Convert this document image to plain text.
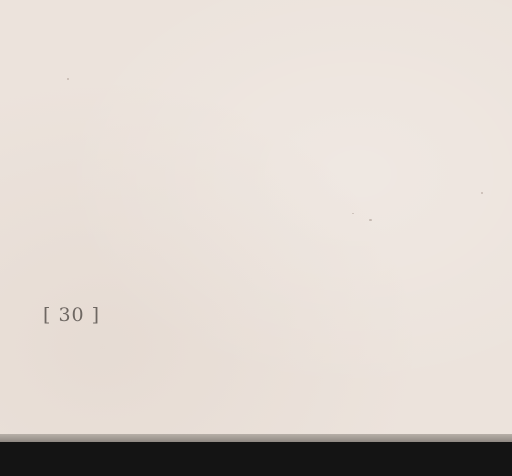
[ 30 ]
